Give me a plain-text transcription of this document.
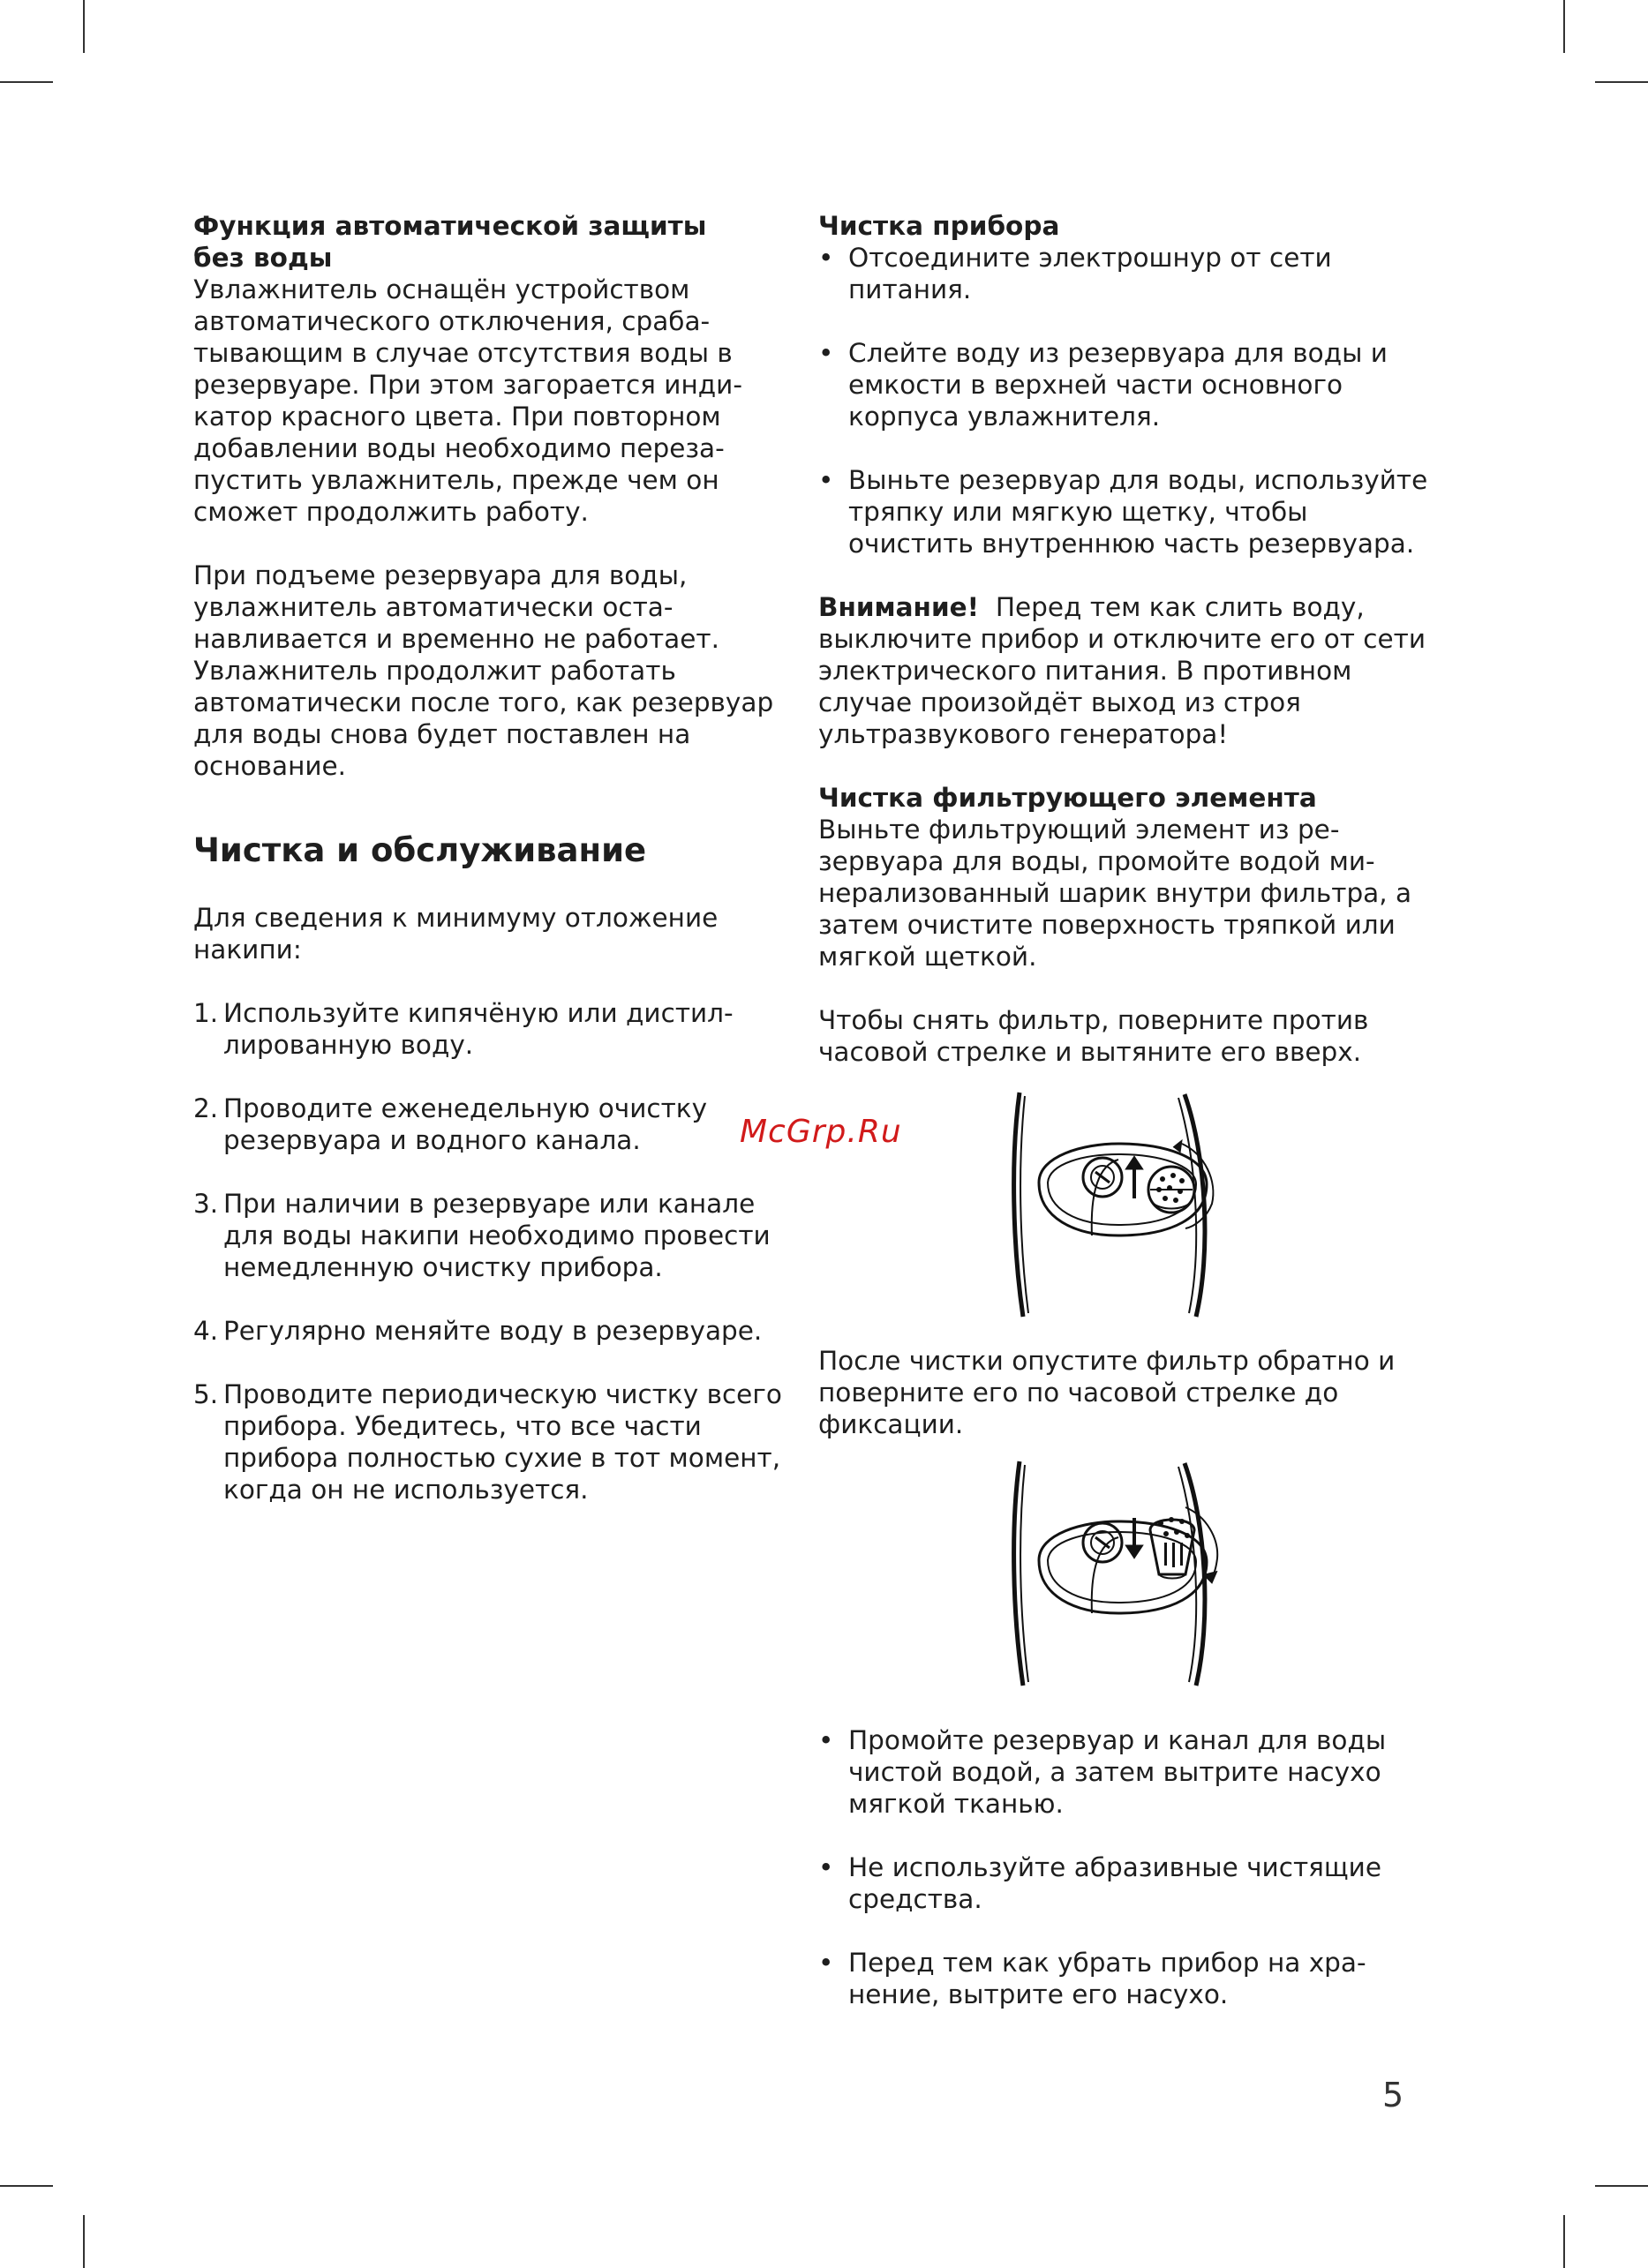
Функция автоматической защиты без воды

Увлажнитель оснащён устройством автоматического отключения, срабатывающим в случае отсутствия воды в резервуаре. При этом загорается индикатор красного цвета. При повторном добавлении воды необходимо перезапустить увлажнитель, прежде чем он сможет продолжить работу.

При подъеме резервуара для воды, увлажнитель автоматически останавливается и временно не работает. Увлажнитель продолжит работать автоматически после того, как резервуар для воды снова будет поставлен на основание.

Чистка и обслуживание

Для сведения к минимуму отложение накипи:

1. Используйте кипячёную или дистиллированную воду.
2. Проводите еженедельную очистку резервуара и водного канала.
3. При наличии в резервуаре или канале для воды накипи необходимо провести немедленную очистку прибора.
4. Регулярно меняйте воду в резервуаре.
5. Проводите периодическую чистку всего прибора. Убедитесь, что все части прибора полностью сухие в тот момент, когда он не используется.

Чистка прибора

• Отсоедините электрошнур от сети питания.
• Слейте воду из резервуара для воды и емкости в верхней части основного корпуса увлажнителя.
• Выньте резервуар для воды, используйте тряпку или мягкую щетку, чтобы очистить внутреннюю часть резервуара.

Внимание! Перед тем как слить воду, выключите прибор и отключите его от сети электрического питания. В противном случае произойдёт выход из строя ультразвукового генератора!

Чистка фильтрующего элемента

Выньте фильтрующий элемент из резервуара для воды, промойте водой минерализованный шарик внутри фильтра, а затем очистите поверхность тряпкой или мягкой щеткой.

Чтобы снять фильтр, поверните против часовой стрелке и вытяните его вверх.

После чистки опустите фильтр обратно и поверните его по часовой стрелке до фиксации.

• Промойте резервуар и канал для воды чистой водой, а затем вытрите насухо мягкой тканью.
• Не используйте абразивные чистящие средства.
• Перед тем как убрать прибор на хранение, вытрите его насухо.
McGrp.Ru
5
